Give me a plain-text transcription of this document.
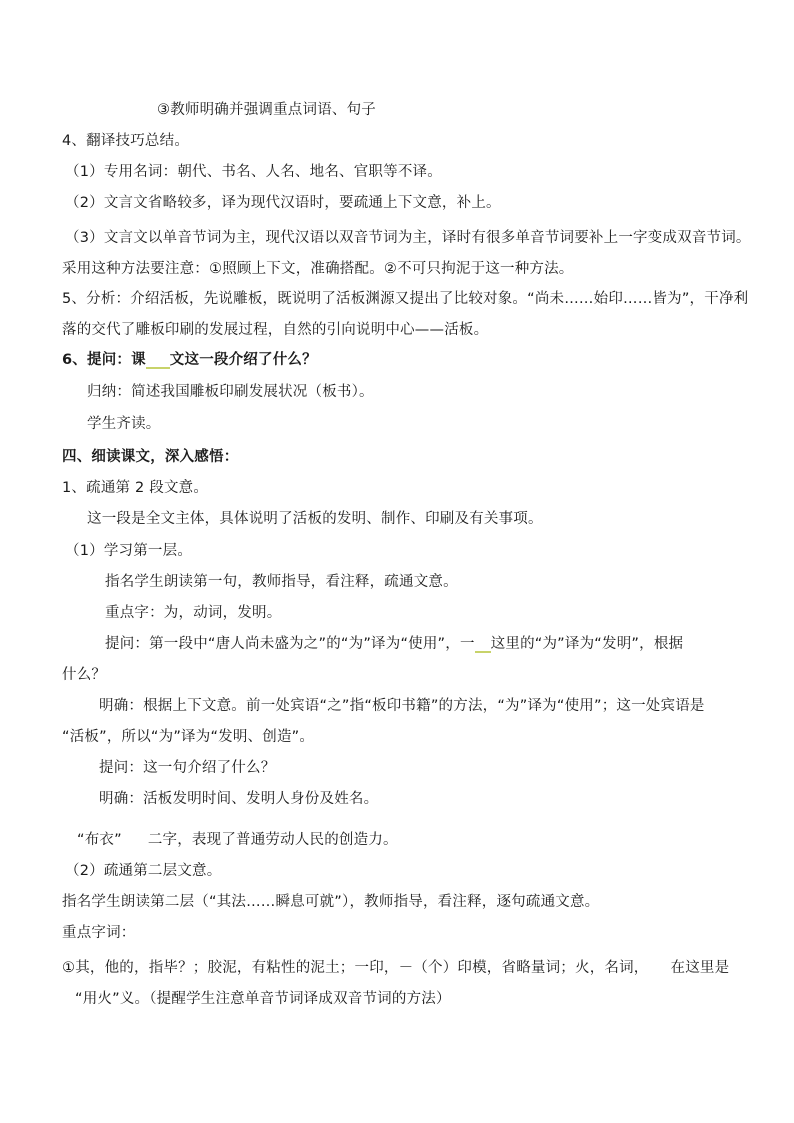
③教师明确并强调重点词语、句子
4、翻译技巧总结。
（1）专用名词：朝代、书名、人名、地名、官职等不译。
（2）文言文省略较多，译为现代汉语时，要疏通上下文意，补上。
（3）文言文以单音节词为主，现代汉语以双音节词为主，译时有很多单音节词要补上一字变成双音节词。
采用这种方法要注意：①照顾上下文，准确搭配。②不可只拘泥于这一种方法。
5、分析：介绍活板，先说雕板，既说明了活板渊源又提出了比较对象。“尚未……始印……皆为”，干净利
落的交代了雕板印刷的发展过程，自然的引向说明中心——活板。
6、提问：课 文这一段介绍了什么？
归纳：简述我国雕板印刷发展状况（板书）。
学生齐读。
四、细读课文，深入感悟：
1、疏通第 2 段文意。
这一段是全文主体，具体说明了活板的发明、制作、印刷及有关事项。
（1）学习第一层。
指名学生朗读第一句，教师指导，看注释，疏通文意。
重点字：为，动词，发明。
提问：第一段中“唐人尚未盛为之”的“为”译为“使用”，一 这里的“为”译为“发明”，根据
什么？
明确：根据上下文意。前一处宾语“之”指“板印书籍”的方法，“为”译为“使用”；这一处宾语是
“活板”，所以“为”译为“发明、创造”。
提问：这一句介绍了什么？
明确：活板发明时间、发明人身份及姓名。
“布衣” 二字，表现了普通劳动人民的创造力。
（2）疏通第二层文意。
指名学生朗读第二层（“其法……瞬息可就”），教师指导，看注释，逐句疏通文意。
重点字词：
①其，他的，指毕？；胶泥，有粘性的泥土；一印，－（个）印模，省略量词；火，名词， 在这里是
“用火”义。（提醒学生注意单音节词译成双音节词的方法）
